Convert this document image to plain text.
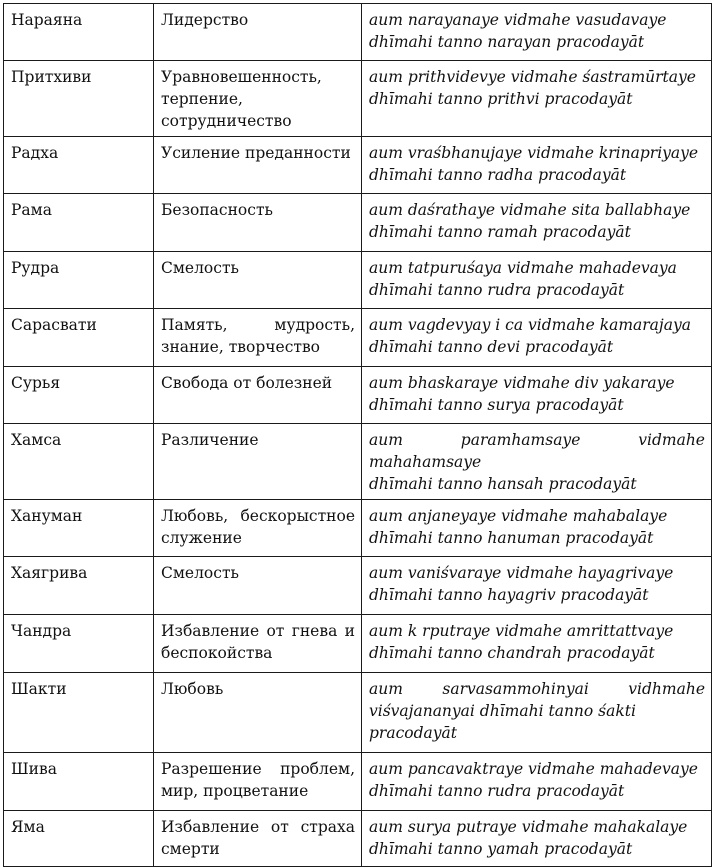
Нараяна	Лидерство	aum narayanaye vidmahe vasudavaye
dhīmahi tanno narayan pracodayāt

Притхиви	Уравновешенность, терпение, сотрудничество	aum prithvidevye vidmahe śastramūrtaye
dhīmahi tanno prithvi pracodayāt

Радха	Усиление преданности	aum vraśbhanujaye vidmahe krinapriyaye
dhīmahi tanno radha pracodayāt

Рама	Безопасность	aum daśrathaye vidmahe sita ballabhaye
dhīmahi tanno ramah pracodayāt

Рудра	Смелость	aum tatpuruśaya vidmahe mahadevaya
dhīmahi tanno rudra pracodayāt

Сарасвати	Память, мудрость, знание, творчество	aum vagdevyay i ca vidmahe kamarajaya
dhīmahi tanno devi pracodayāt

Сурья	Свобода от болезней	aum bhaskaraye vidmahe div yakaraye
dhīmahi tanno surya pracodayāt

Хамса	Различение	aum paramhamsaye vidmahe mahahamsaye
dhīmahi tanno hansah pracodayāt

Хануман	Любовь, бескорыстное служение	aum anjaneyaye vidmahe mahabalaye
dhīmahi tanno hanuman pracodayāt

Хаягрива	Смелость	aum vaniśvaraye vidmahe hayagrivaye
dhīmahi tanno hayagriv pracodayāt

Чандра	Избавление от гнева и беспокойства	aum k rputraye vidmahe amrittattvaye
dhīmahi tanno chandrah pracodayāt

Шакти	Любовь	aum sarvasammohinyai vidhmahe viśvajananyai dhīmahi tanno śakti
pracodayāt

Шива	Разрешение проблем, мир, процветание	aum pancavaktraye vidmahe mahadevaye
dhīmahi tanno rudra pracodayāt

Яма	Избавление от страха смерти	aum surya putraye vidmahe mahakalaye
dhīmahi tanno yamah pracodayāt
